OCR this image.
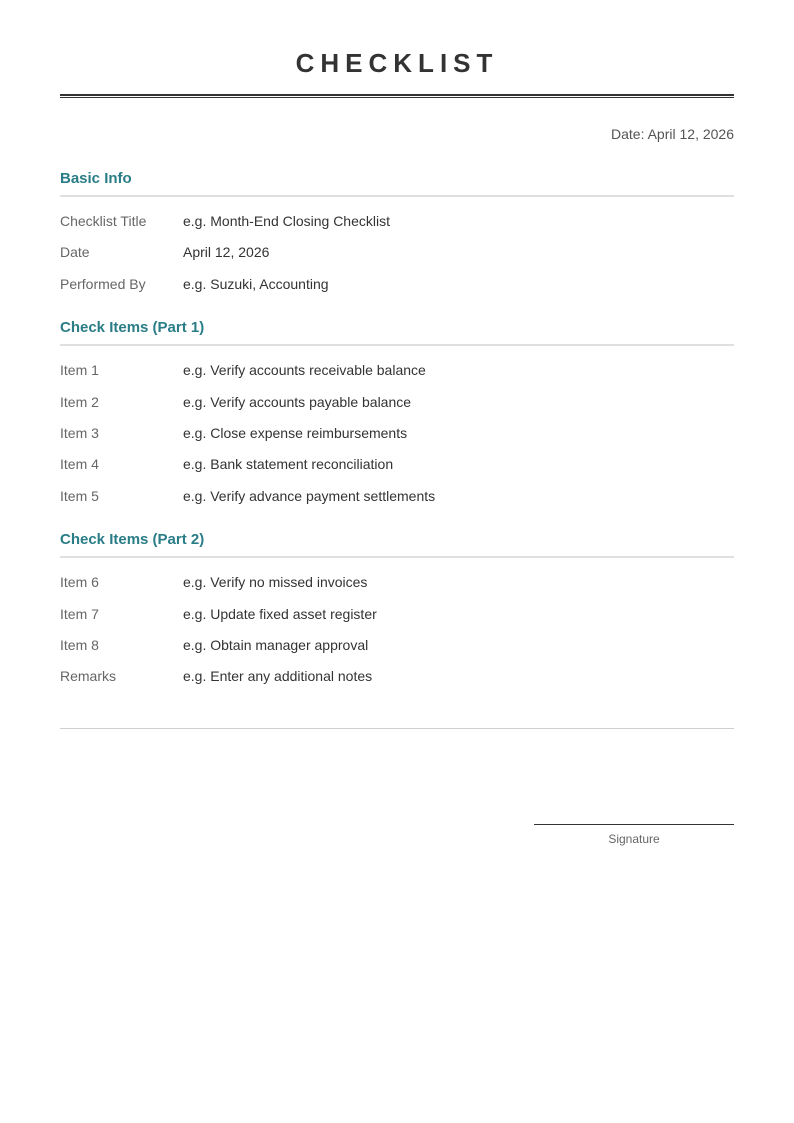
CHECKLIST
Date: April 12, 2026
Basic Info
Checklist Title	e.g. Month-End Closing Checklist
Date	April 12, 2026
Performed By	e.g. Suzuki, Accounting
Check Items (Part 1)
Item 1	e.g. Verify accounts receivable balance
Item 2	e.g. Verify accounts payable balance
Item 3	e.g. Close expense reimbursements
Item 4	e.g. Bank statement reconciliation
Item 5	e.g. Verify advance payment settlements
Check Items (Part 2)
Item 6	e.g. Verify no missed invoices
Item 7	e.g. Update fixed asset register
Item 8	e.g. Obtain manager approval
Remarks	e.g. Enter any additional notes
Signature
